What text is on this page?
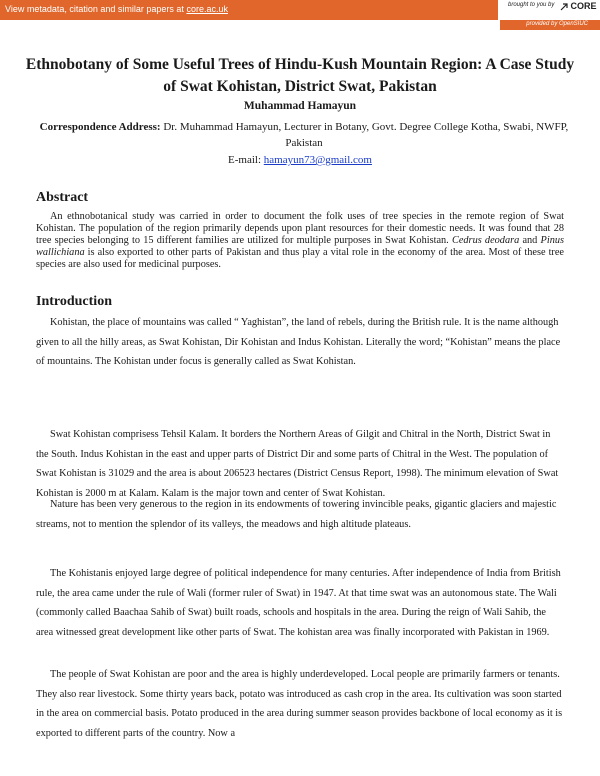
View metadata, citation and similar papers at core.ac.uk	brought to you by	CORE
provided by OpenSIUC
Ethnobotany of Some Useful Trees of Hindu-Kush Mountain Region: A Case Study of Swat Kohistan, District Swat, Pakistan
Muhammad Hamayun
Correspondence Address: Dr. Muhammad Hamayun, Lecturer in Botany, Govt. Degree College Kotha, Swabi, NWFP, Pakistan
E-mail: hamayun73@gmail.com
Abstract
An ethnobotanical study was carried in order to document the folk uses of tree species in the remote region of Swat Kohistan. The population of the region primarily depends upon plant resources for their domestic needs. It was found that 28 tree species belonging to 15 different families are utilized for multiple purposes in Swat Kohistan. Cedrus deodara and Pinus wallichiana is also exported to other parts of Pakistan and thus play a vital role in the economy of the area. Most of these tree species are also used for medicinal purposes.
Introduction
Kohistan, the place of mountains was called “ Yaghistan”, the land of rebels, during the British rule. It is the name although given to all the hilly areas, as Swat Kohistan, Dir Kohistan and Indus Kohistan. Literally the word; “Kohistan” means the place of mountains. The Kohistan under focus is generally called as Swat Kohistan.
Swat Kohistan comprisess Tehsil Kalam. It borders the Northern Areas of Gilgit and Chitral in the North, District Swat in the South. Indus Kohistan in the east and upper parts of District Dir and some parts of Chitral in the West. The population of Swat Kohistan is 31029 and the area is about 206523 hectares (District Census Report, 1998). The minimum elevation of Swat Kohistan is 2000 m at Kalam. Kalam is the major town and center of Swat Kohistan.
Nature has been very generous to the region in its endowments of towering invincible peaks, gigantic glaciers and majestic streams, not to mention the splendor of its valleys, the meadows and high altitude plateaus.
The Kohistanis enjoyed large degree of political independence for many centuries. After independence of India from British rule, the area came under the rule of Wali (former ruler of Swat) in 1947. At that time swat was an autonomous state. The Wali (commonly called Baachaa Sahib of Swat) built roads, schools and hospitals in the area. During the reign of Wali Sahib, the area witnessed great development like other parts of Swat. The kohistan area was finally incorporated with Pakistan in 1969.
The people of Swat Kohistan are poor and the area is highly underdeveloped. Local people are primarily farmers or tenants. They also rear livestock. Some thirty years back, potato was introduced as cash crop in the area. Its cultivation was soon started in the area on commercial basis. Potato produced in the area during summer season provides backbone of local economy as it is exported to different parts of the country. Now a
